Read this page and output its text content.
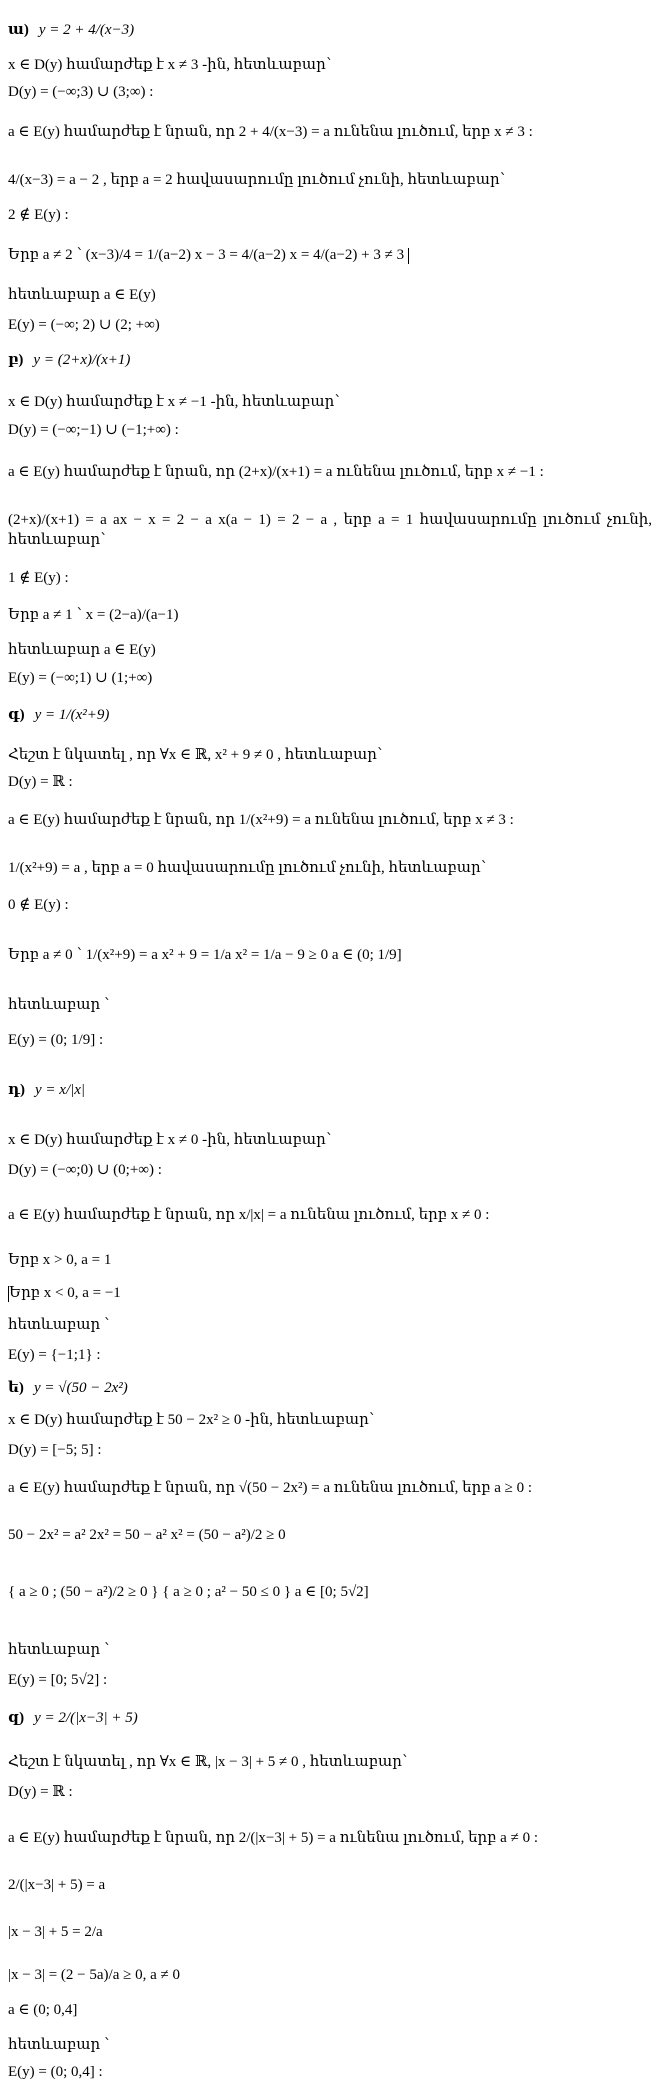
ա) y = 2 + 4/(x−3)
x ∈ D(y) համարժեք է x ≠ 3 -ին, հետևաբար՝
D(y) = (−∞;3) ∪ (3;∞) :
a ∈ E(y) համարժեք է նրան, որ 2 + 4/(x−3) = a ունենա լուծում, երբ x ≠ 3 :
4/(x−3) = a − 2 , երբ a = 2 հավասարումը լուծում չունի, հետևաբար՝
2 ∉ E(y) :
Երբ a ≠ 2 ՝ (x−3)/4 = 1/(a−2) x − 3 = 4/(a−2) x = 4/(a−2) + 3 ≠ 3
հետևաբար a ∈ E(y)
E(y) = (−∞; 2) ∪ (2; +∞)
բ) y = (2+x)/(x+1)
x ∈ D(y) համարժեք է x ≠ −1 -ին, հետևաբար՝
D(y) = (−∞;−1) ∪ (−1;+∞) :
a ∈ E(y) համարժեք է նրան, որ (2+x)/(x+1) = a ունենա լուծում, երբ x ≠ −1 :
(2+x)/(x+1) = a ax − x = 2 − a x(a − 1) = 2 − a , երբ a = 1 հավասարումը լուծում չունի, հետևաբար՝
1 ∉ E(y) :
Երբ a ≠ 1 ՝ x = (2−a)/(a−1)
հետևաբար a ∈ E(y)
E(y) = (−∞;1) ∪ (1;+∞)
գ) y = 1/(x²+9)
Հեշտ է նկատել , որ ∀x ∈ ℝ, x² + 9 ≠ 0 , հետևաբար՝
D(y) = ℝ :
a ∈ E(y) համարժեք է նրան, որ 1/(x²+9) = a ունենա լուծում, երբ x ≠ 3 :
1/(x²+9) = a , երբ a = 0 հավասարումը լուծում չունի, հետևաբար՝
0 ∉ E(y) :
Երբ a ≠ 0 ՝ 1/(x²+9) = a x² + 9 = 1/a x² = 1/a − 9 ≥ 0 a ∈ (0; 1/9]
հետևաբար ՝
E(y) = (0; 1/9] :
դ) y = x/|x|
x ∈ D(y) համարժեք է x ≠ 0 -ին, հետևաբար՝
D(y) = (−∞;0) ∪ (0;+∞) :
a ∈ E(y) համարժեք է նրան, որ x/|x| = a ունենա լուծում, երբ x ≠ 0 :
Երբ x > 0, a = 1
Երբ x < 0, a = −1
հետևաբար ՝
E(y) = {−1;1} :
ե) y = √(50 − 2x²)
x ∈ D(y) համարժեք է 50 − 2x² ≥ 0 -ին, հետևաբար՝
D(y) = [−5; 5] :
a ∈ E(y) համարժեք է նրան, որ √(50 − 2x²) = a ունենա լուծում, երբ a ≥ 0 :
50 − 2x² = a² 2x² = 50 − a² x² = (50 − a²)/2 ≥ 0
{ a ≥ 0 ; (50 − a²)/2 ≥ 0 } { a ≥ 0 ; a² − 50 ≤ 0 } a ∈ [0; 5√2]
հետևաբար ՝
E(y) = [0; 5√2] :
զ) y = 2/(|x−3| + 5)
Հեշտ է նկատել , որ ∀x ∈ ℝ, |x − 3| + 5 ≠ 0 , հետևաբար՝
D(y) = ℝ :
a ∈ E(y) համարժեք է նրան, որ 2/(|x−3| + 5) = a ունենա լուծում, երբ a ≠ 0 :
2/(|x−3| + 5) = a
|x − 3| + 5 = 2/a
|x − 3| = (2 − 5a)/a ≥ 0, a ≠ 0
a ∈ (0; 0,4]
հետևաբար ՝
E(y) = (0; 0,4] :
